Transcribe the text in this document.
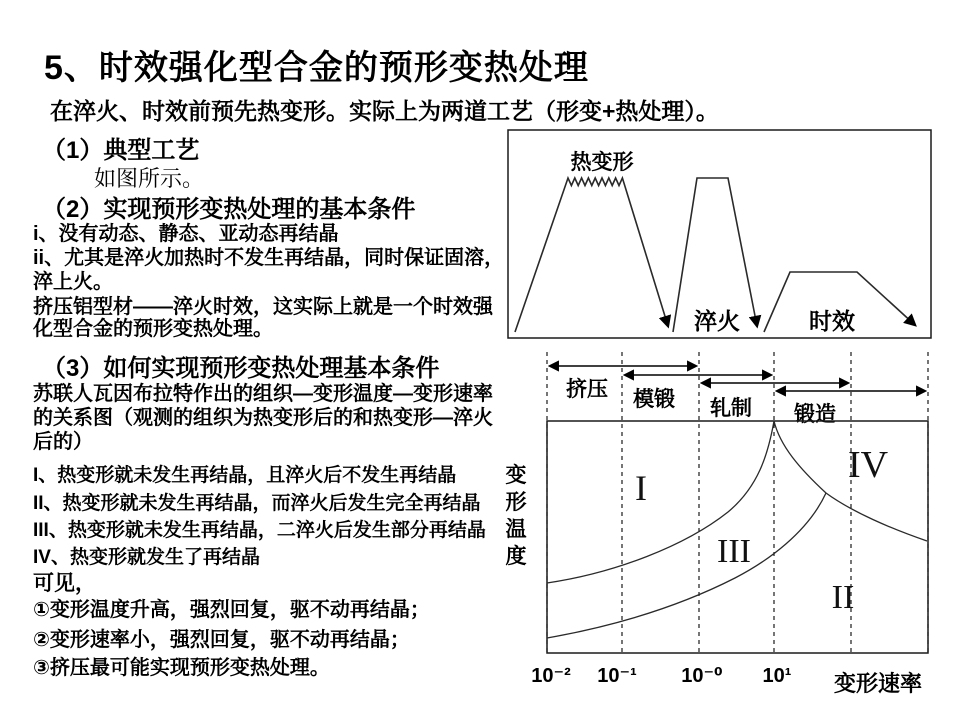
5、时效强化型合金的预形变热处理
在淬火、时效前预先热变形。实际上为两道工艺（形变+热处理）。
（1）典型工艺
如图所示。
（2）实现预形变热处理的基本条件
i、没有动态、静态、亚动态再结晶
ii、尤其是淬火加热时不发生再结晶，同时保证固溶，淬上火。
挤压铝型材——淬火时效，这实际上就是一个时效强化型合金的预形变热处理。
（3）如何实现预形变热处理基本条件
苏联人瓦因布拉特作出的组织—变形温度—变形速率的关系图（观测的组织为热变形后的和热变形—淬火后的）
I、热变形就未发生再结晶，且淬火后不发生再结晶
II、热变形就未发生再结晶，而淬火后发生完全再结晶
III、热变形就未发生再结晶，二淬火后发生部分再结晶
IV、热变形就发生了再结晶
可见，
①变形温度升高，强烈回复，驱不动再结晶；
②变形速率小，强烈回复，驱不动再结晶；
③挤压最可能实现预形变热处理。
热变形
淬火	时效
变形温度
挤压 模锻 轧制 锻造
I
IV
III
II
10⁻² 10⁻¹ 10⁻⁰ 10¹ 变形速率
